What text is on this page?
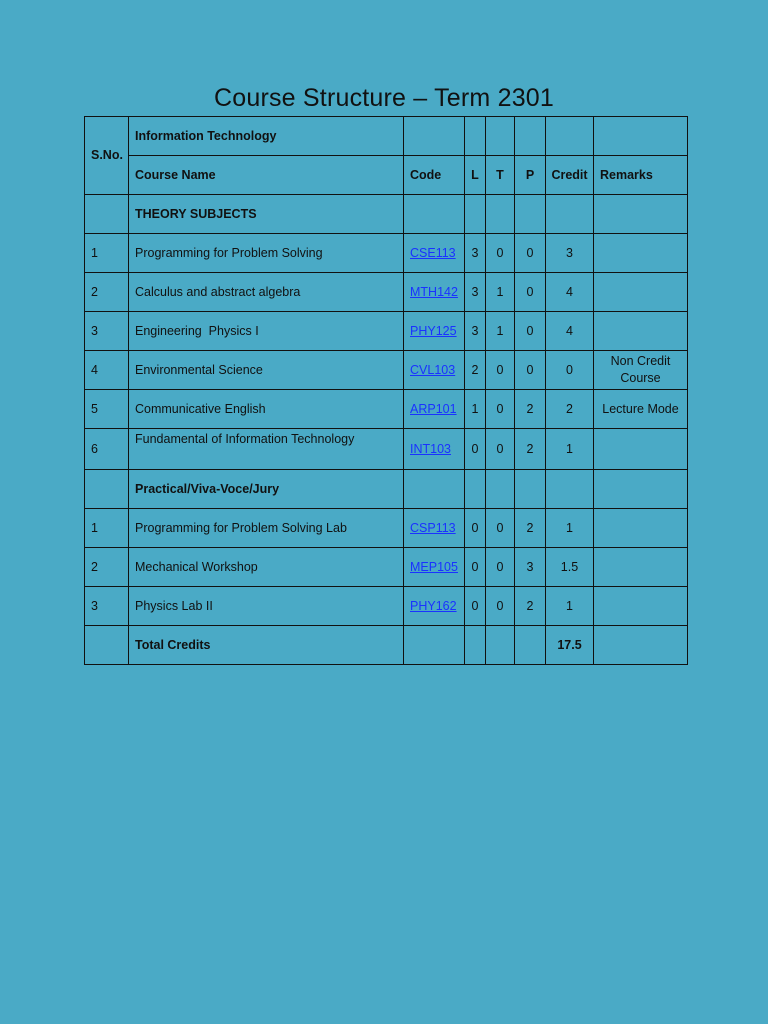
Course Structure – Term 2301
S.No.	Information Technology						
	Course Name	Code	L	T	P	Credit	Remarks
	THEORY SUBJECTS						
1	Programming for Problem Solving	CSE113	3	0	0	3	
2	Calculus and abstract algebra	MTH142	3	1	0	4	
3	Engineering  Physics I	PHY125	3	1	0	4	
4	Environmental Science	CVL103	2	0	0	0	Non Credit Course
5	Communicative English	ARP101	1	0	2	2	Lecture Mode
6	Fundamental of Information Technology	INT103	0	0	2	1	
	Practical/Viva-Voce/Jury						
1	Programming for Problem Solving Lab	CSP113	0	0	2	1	
2	Mechanical Workshop	MEP105	0	0	3	1.5	
3	Physics Lab II	PHY162	0	0	2	1	
	Total Credits					17.5	
